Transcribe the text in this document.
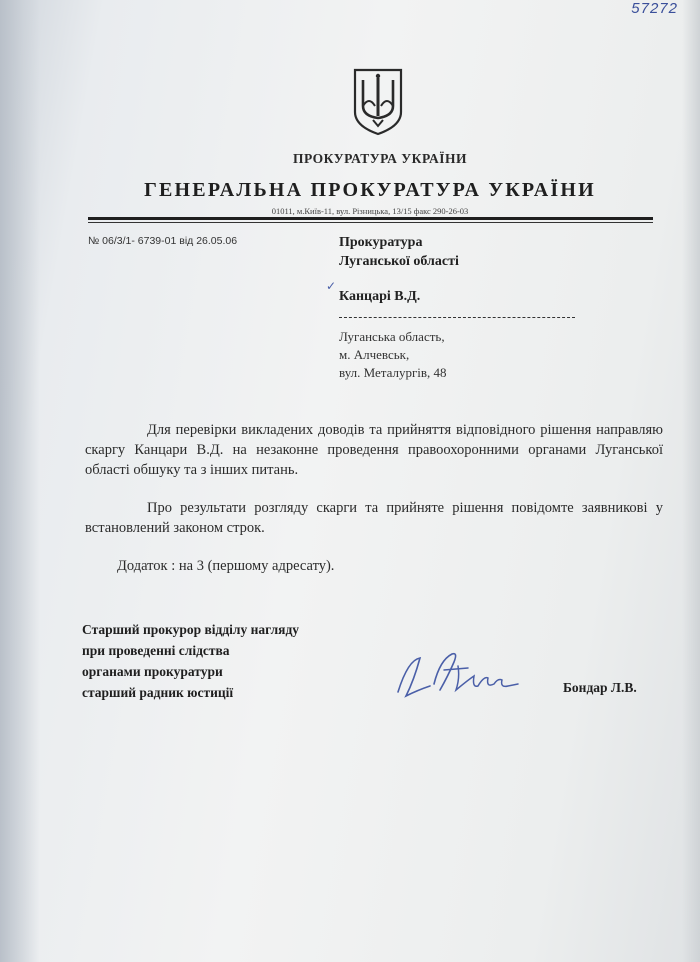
57272
ПРОКУРАТУРА УКРАЇНИ
ГЕНЕРАЛЬНА ПРОКУРАТУРА УКРАЇНИ
01011, м.Київ-11, вул. Різницька, 13/15 факс 290-26-03
№ 06/3/1- 6739-01 від 26.05.06	Прокуратура
Луганської області
✓
Канцарі В.Д.
Луганська область,
м. Алчевськ,
вул. Металургів, 48
Для перевірки викладених доводів та прийняття відповідного рішення направляю скаргу Канцари В.Д. на незаконне проведення правоохоронними органами Луганської області обшуку та з інших питань.
Про результати розгляду скарги та прийняте рішення повідомте заявникові у встановлений законом строк.
Додаток : на 3 (першому адресату).
Старший прокурор відділу нагляду
при проведенні слідства
органами прокуратури
старший радник юстиції	Бондар Л.В.
